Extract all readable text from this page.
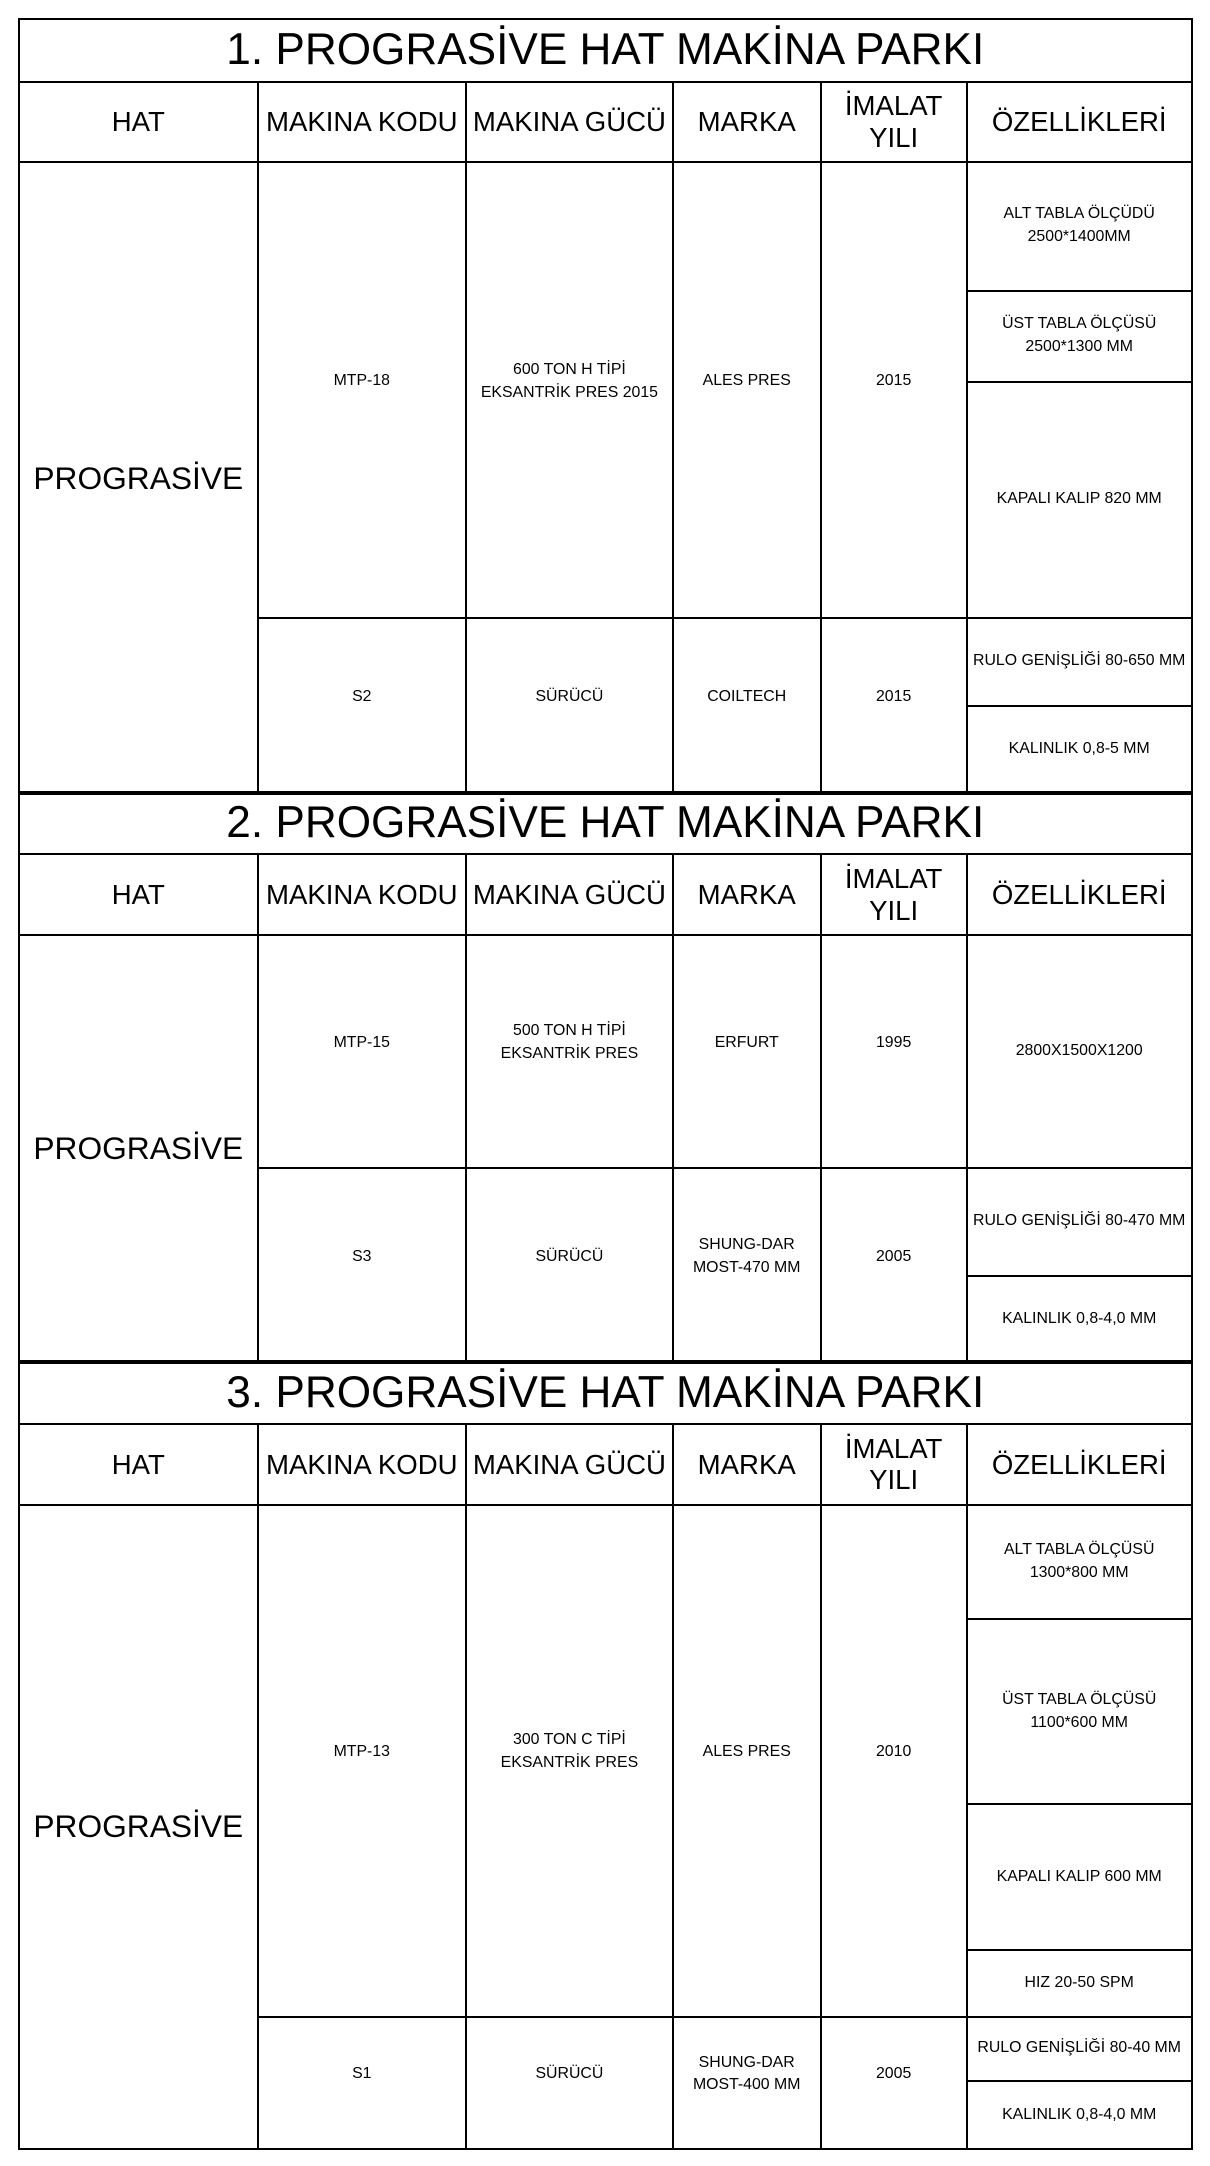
1. PROGRASİVE HAT MAKİNA PARKI					
HAT	MAKINA KODU	MAKINA GÜCÜ	MARKA	İMALAT YILI	ÖZELLİKLERİ
PROGRASİVE	MTP-18	600 TON H TİPİ EKSANTRİK PRES 2015	ALES PRES	2015	ALT TABLA ÖLÇÜDÜ 2500*1400MM
					ÜST TABLA ÖLÇÜSÜ 2500*1300 MM
					KAPALI KALIP 820 MM
	S2	SÜRÜCÜ	COILTECH	2015	RULO GENİŞLİĞİ 80-650 MM
					KALINLIK 0,8-5 MM
2. PROGRASİVE HAT MAKİNA PARKI					
HAT	MAKINA KODU	MAKINA GÜCÜ	MARKA	İMALAT YILI	ÖZELLİKLERİ
PROGRASİVE	MTP-15	500 TON H TİPİ EKSANTRİK PRES	ERFURT	1995	2800X1500X1200
	S3	SÜRÜCÜ	SHUNG-DAR MOST-470 MM	2005	RULO GENİŞLİĞİ 80-470 MM
					KALINLIK 0,8-4,0 MM
3. PROGRASİVE HAT MAKİNA PARKI					
HAT	MAKINA KODU	MAKINA GÜCÜ	MARKA	İMALAT YILI	ÖZELLİKLERİ
PROGRASİVE	MTP-13	300 TON C TİPİ EKSANTRİK PRES	ALES PRES	2010	ALT TABLA ÖLÇÜSÜ 1300*800 MM
					ÜST TABLA ÖLÇÜSÜ 1100*600 MM
					KAPALI KALIP 600 MM
					HIZ 20-50 SPM
	S1	SÜRÜCÜ	SHUNG-DAR MOST-400 MM	2005	RULO GENİŞLİĞİ 80-40 MM
					KALINLIK 0,8-4,0 MM
